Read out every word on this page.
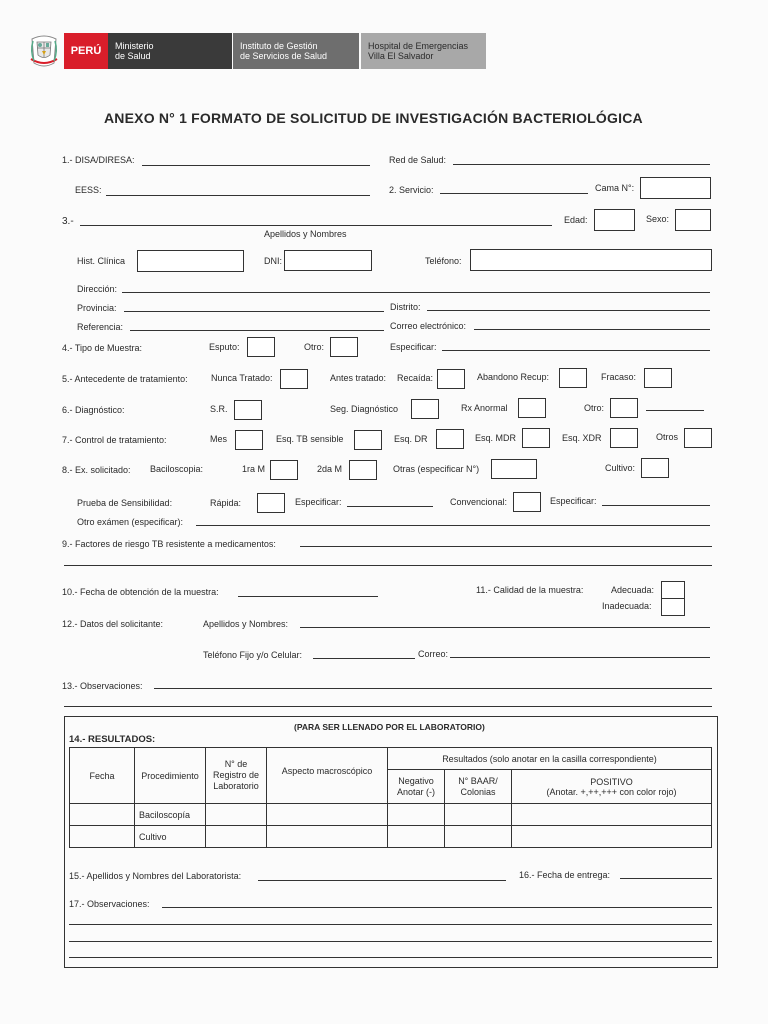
PERÚ Ministerio
de Salud
Instituto de Gestión
de Servicios de Salud
Hospital de Emergencias
Villa El Salvador
ANEXO N° 1 FORMATO DE SOLICITUD DE INVESTIGACIÓN BACTERIOLÓGICA
1.- DISA/DIRESA:	Red de Salud:
EESS:	2. Servicio:	Cama N°:
3.-
Apellidos y Nombres
Edad:	Sexo:
Hist. Clínica	DNI:	Teléfono:
Dirección:
Provincia:	Distrito:
Referencia:	Correo electrónico:
4.- Tipo de Muestra:	Esputo:	Otro:	Especificar:
5.- Antecedente de tratamiento:	Nunca Tratado:	Antes tratado: Recaída:	Abandono Recup:	Fracaso:
6.- Diagnóstico:	S.R.	Seg. Diagnóstico	Rx Anormal	Otro:
7.- Control de tratamiento:	Mes	Esq. TB sensible	Esq. DR	Esq. MDR	Esq. XDR	Otros
8.- Ex. solicitado: Baciloscopia:	1ra M	2da M	Otras (especificar N°)	Cultivo:
Prueba de Sensibilidad:	Rápida:	Especificar:	Convencional:	Especificar:
Otro exámen (especificar):
9.- Factores de riesgo TB resistente a medicamentos:
10.- Fecha de obtención de la muestra:	11.- Calidad de la muestra:	Adecuada:
Inadecuada:
12.- Datos del solicitante:	Apellidos y Nombres:
Teléfono Fijo y/o Celular:	Correo:
13.- Observaciones:
(PARA SER LLENADO POR EL LABORATORIO)
14.- RESULTADOS:
Fecha	Procedimiento	N° de Registro de Laboratorio	Aspecto macroscópico	Resultados (solo anotar en la casilla correspondiente)		
				Negativo Anotar (-)	N° BAAR/ Colonias	POSITIVO
(Anotar. +,++,+++ con color rojo)

	Baciloscopía					
	Cultivo					
15.- Apellidos y Nombres del Laboratorista:	16.- Fecha de entrega:
17.- Observaciones:
